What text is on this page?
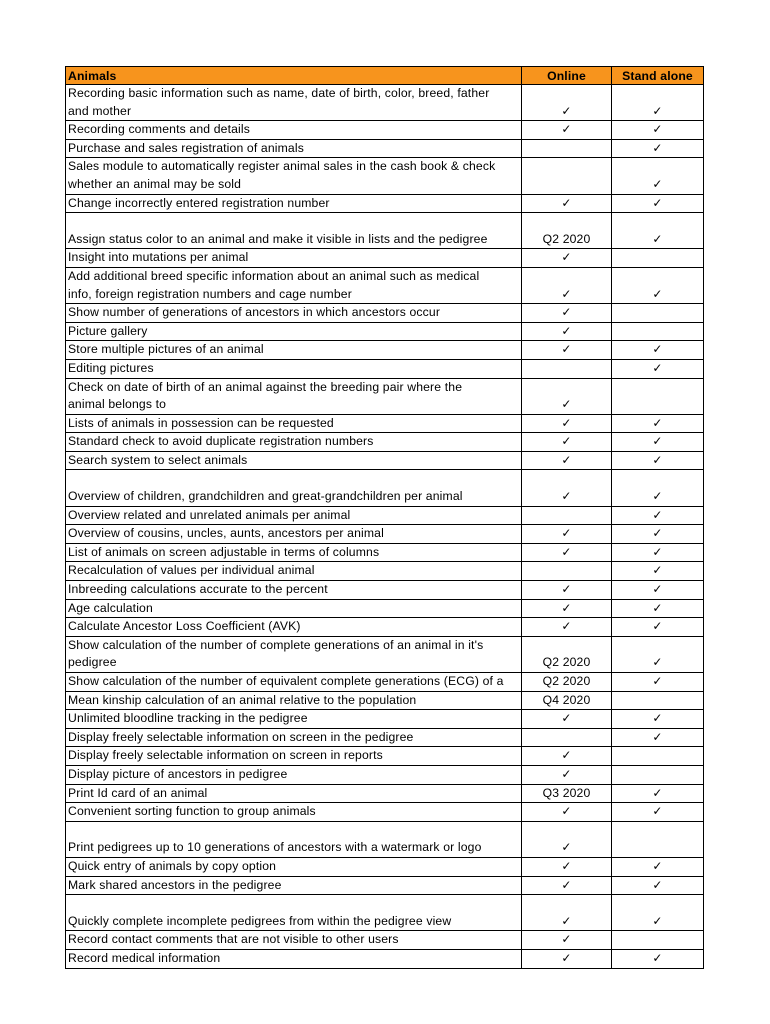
Animals	Online	Stand alone
Recording basic information such as name, date of birth, color, breed, father
and mother	✓	✓
Recording comments and details	✓	✓
Purchase and sales registration of animals		✓
Sales module to automatically register animal sales in the cash book & check
whether an animal may be sold		✓
Change incorrectly entered registration number	✓	✓

Assign status color to an animal and make it visible in lists and the pedigree	Q2 2020	✓
Insight into mutations per animal	✓	
Add additional breed specific information about an animal such as medical
info, foreign registration numbers and cage number	✓	✓
Show number of generations of ancestors in which ancestors occur	✓	
Picture gallery	✓	
Store multiple pictures of an animal	✓	✓
Editing pictures		✓
Check on date of birth of an animal against the breeding pair where the
animal belongs to	✓	
Lists of animals in possession can be requested	✓	✓
Standard check to avoid duplicate registration numbers	✓	✓
Search system to select animals	✓	✓

Overview of children, grandchildren and great-grandchildren per animal	✓	✓
Overview related and unrelated animals per animal		✓
Overview of cousins, uncles, aunts, ancestors per animal	✓	✓
List of animals on screen adjustable in terms of columns	✓	✓
Recalculation of values per individual animal		✓
Inbreeding calculations accurate to the percent	✓	✓
Age calculation	✓	✓
Calculate Ancestor Loss Coefficient (AVK)	✓	✓
Show calculation of the number of complete generations of an animal in it's
pedigree	Q2 2020	✓
Show calculation of the number of equivalent complete generations (ECG) of a	Q2 2020	✓
Mean kinship calculation of an animal relative to the population	Q4 2020	
Unlimited bloodline tracking in the pedigree	✓	✓
Display freely selectable information on screen in the pedigree		✓
Display freely selectable information on screen in reports	✓	
Display picture of ancestors in pedigree	✓	
Print Id card of an animal	Q3 2020	✓
Convenient sorting function to group animals	✓	✓

Print pedigrees up to 10 generations of ancestors with a watermark or logo	✓	
Quick entry of animals by copy option	✓	✓
Mark shared ancestors in the pedigree	✓	✓

Quickly complete incomplete pedigrees from within the pedigree view	✓	✓
Record contact comments that are not visible to other users	✓	
Record medical information	✓	✓
